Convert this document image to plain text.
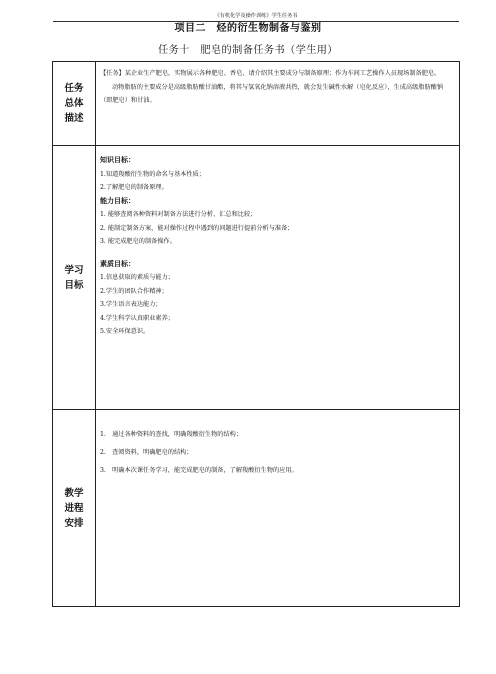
《有机化学及操作训练》学生任务书
项目二　烃的衍生物制备与鉴别
任务十　肥皂的制备任务书（学生用）
任务总体描述

【任务】某企业生产肥皂，实物展示各种肥皂、香皂，请介绍其主要成分与制备原理；作为车间工艺操作人员现场制备肥皂。

动物脂肪的主要成分是高级脂肪酸甘油酯，将其与氢氧化钠溶液共热，就会发生碱性水解（皂化反应），生成高级脂肪酸钠（即肥皂）和甘油。

学习目标

知识目标：

1.知道羧酸衍生物的命名与基本性质；

2.了解肥皂的制备原理。

能力目标：

1. 能够查阅各种资料对制备方法进行分析、汇总和比较；

2. 能制定制备方案，能对操作过程中遇到的问题进行提前分析与准备；

3. 能完成肥皂的制备操作。

素质目标：

1.信息获取的素质与能力；

2.学生的团队合作精神；

3.学生语言表达能力；

4.学生科学认真职业素养；

5.安全环保意识。

教学进程安排

1.　通过各种资料的查找，明确羧酸衍生物的结构；

2.　查阅资料，明确肥皂的结构；

3.　明确本次课任务学习，能完成肥皂的制备，了解羧酸衍生物的应用。
